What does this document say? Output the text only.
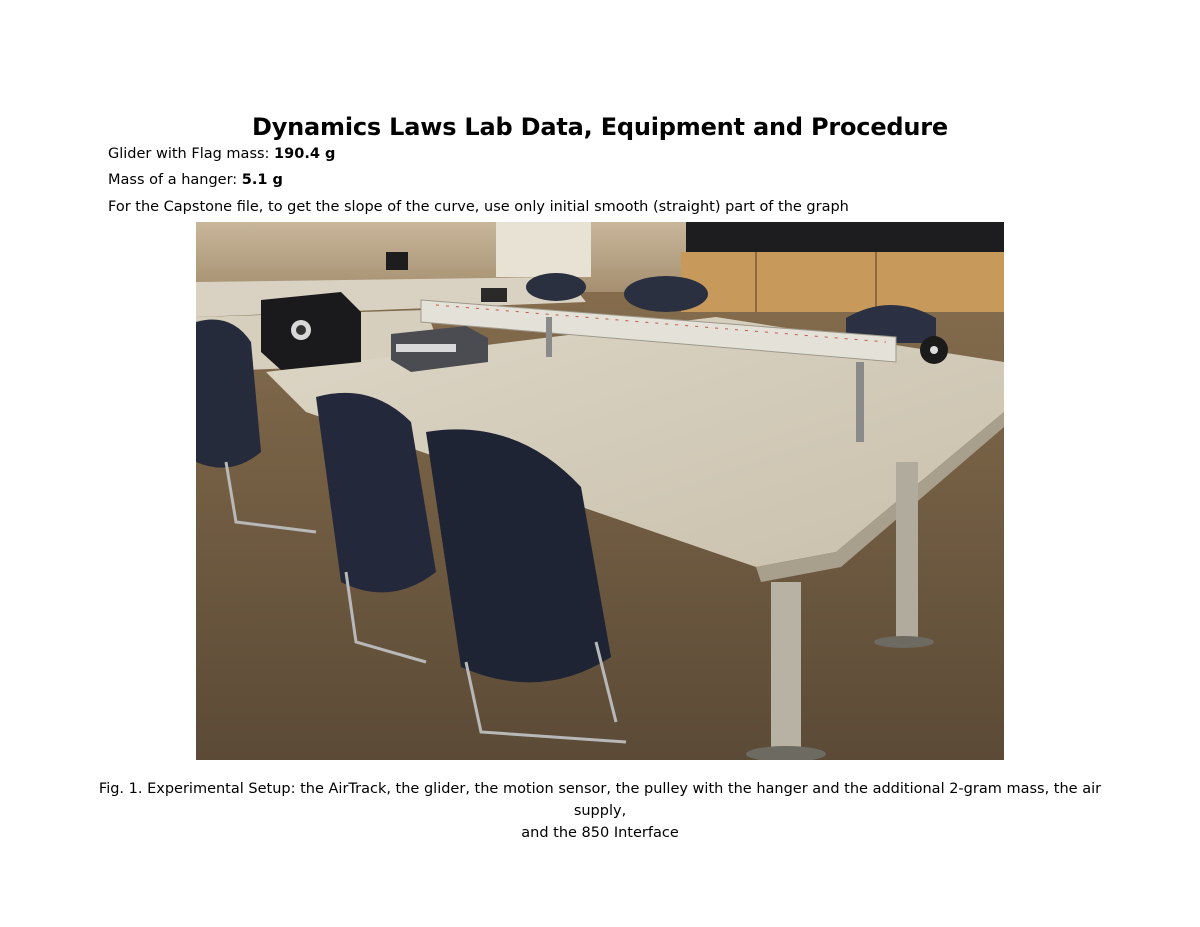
Dynamics Laws Lab Data, Equipment and Procedure
Glider with Flag mass: 190.4 g
Mass of a hanger: 5.1 g
For the Capstone file, to get the slope of the curve, use only initial smooth (straight) part of the graph
Fig. 1. Experimental Setup: the AirTrack, the glider, the motion sensor, the pulley with the hanger and the additional 2-gram mass, the air supply,
and the 850 Interface
